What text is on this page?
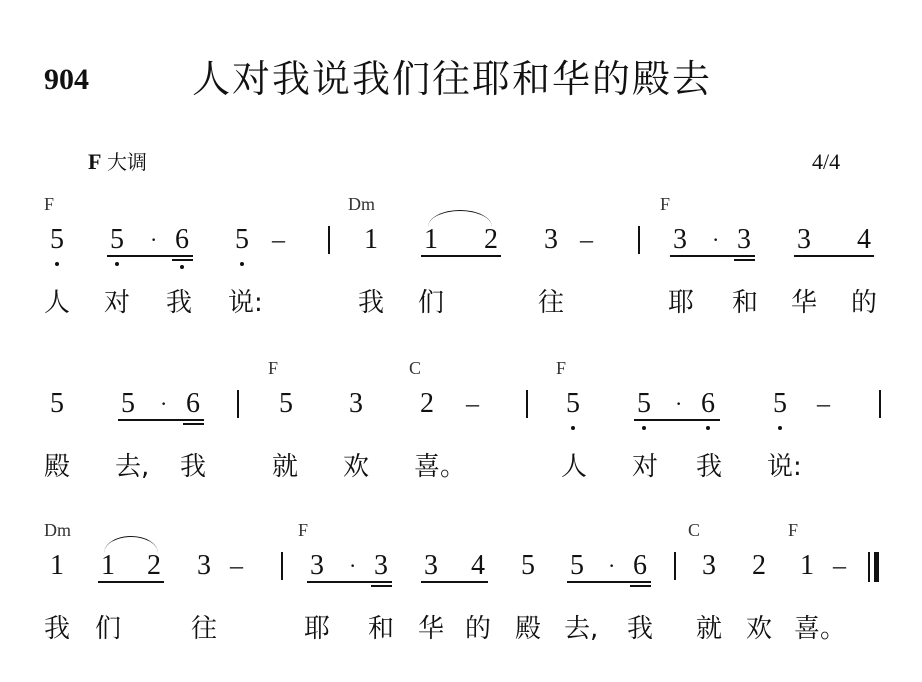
904	人对我说我们往耶和华的殿去
F 大调	4/4
F	Dm	F
5 5 · 6 5 –	1 1 2 3 –	3 · 3 3 4
人 对 我 说:	我 们	往	耶 和 华 的
F	C	F
5 5 · 6	5 3 2 –	5 5 · 6 5 –
殿 去, 我	就 欢 喜。	人 对 我 说:
Dm	F	C	F
1 1 2 3 – 3 · 3 3 4 5 5 · 6 3 2 1 –
我 们	往	耶 和 华 的 殿 去, 我 就 欢 喜。
